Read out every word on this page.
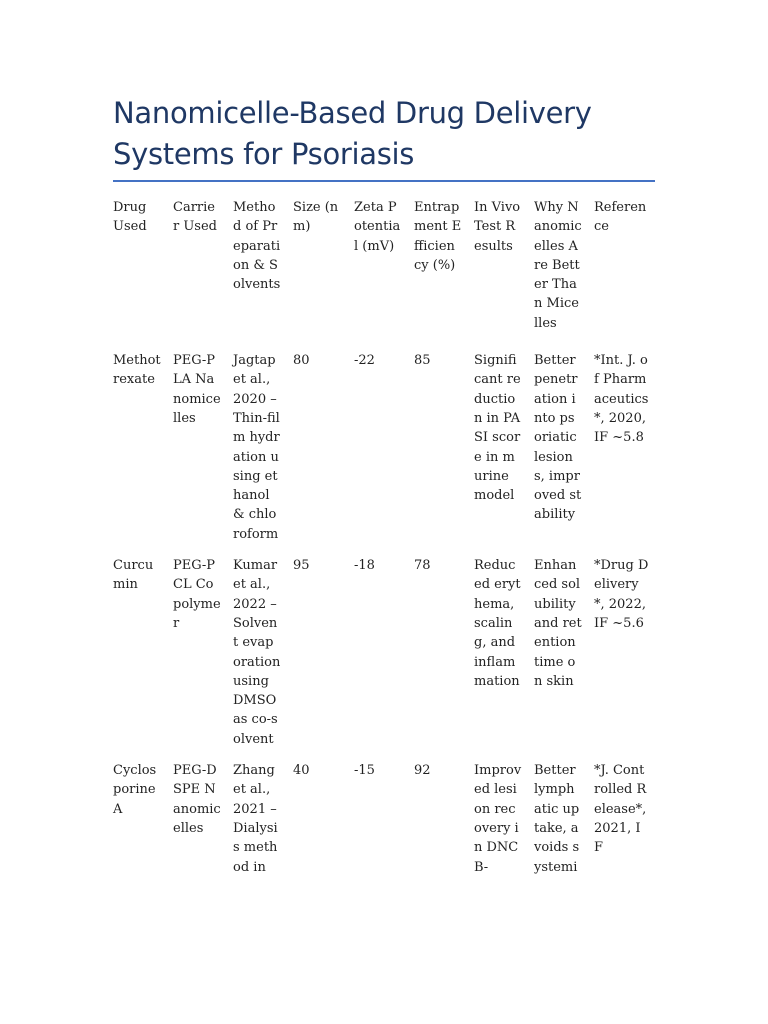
Nanomicelle-Based Drug Delivery Systems for Psoriasis
Drug Used	Carrier Used	Method of Preparation & Solvents	Size (nm)	Zeta Potential (mV)	Entrapment Efficiency (%)	In Vivo Test Results	Why Nanomicelles Are Better Than Micelles	Reference
Methotrexate	PEG-PLA Nanomicelles	Jagtap et al., 2020 – Thin-film hydration using ethanol & chloroform	80	-22	85	Significant reduction in PASI score in murine model	Better penetration into psoriatic lesions, improved stability	*Int. J. of Pharmaceutics*, 2020, IF ~5.8
Curcumin	PEG-PCL Copolymer	Kumar et al., 2022 – Solvent evaporation using DMSO as co-solvent	95	-18	78	Reduced erythema, scaling, and inflammation	Enhanced solubility and retention time on skin	*Drug Delivery*, 2022, IF ~5.6
Cyclosporine A	PEG-DSPE Nanomicelles	Zhang et al., 2021 – Dialysis method in	40	-15	92	Improved lesion recovery in DNCB-	Better lymphatic uptake, avoids systemi	*J. Controlled Release*, 2021, IF
